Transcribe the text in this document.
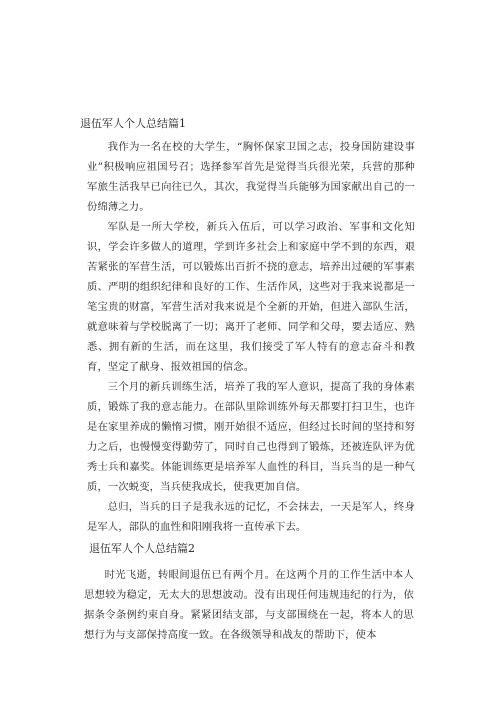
退伍军人个人总结篇1

我作为一名在校的大学生，“胸怀保家卫国之志，投身国防建设事业”积极响应祖国号召；选择参军首先是觉得当兵很光荣，兵营的那种军旅生活我早已向往已久，其次，我觉得当兵能够为国家献出自己的一份绵薄之力。

军队是一所大学校，新兵入伍后，可以学习政治、军事和文化知识，学会许多做人的道理，学到许多社会上和家庭中学不到的东西，艰苦紧张的军营生活，可以锻炼出百折不挠的意志，培养出过硬的军事素质、严明的组织纪律和良好的工作、生活作风，这些对于我来说都是一笔宝贵的财富，军营生活对我来说是个全新的开始，但进入部队生活，就意味着与学校脱离了一切；离开了老师、同学和父母，要去适应、熟悉、拥有新的生活，而在这里，我们接受了军人特有的意志奋斗和教育，坚定了献身、报效祖国的信念。

三个月的新兵训练生活，培养了我的军人意识，提高了我的身体素质，锻炼了我的意志能力。在部队里除训练外每天都要打扫卫生，也许是在家里养成的懒惰习惯，刚开始很不适应，但经过长时间的坚持和努力之后，也慢慢变得勤劳了，同时自己也得到了锻炼，还被连队评为优秀士兵和嘉奖。体能训练更是培养军人血性的科目，当兵当的是一种气质，一次蜕变，当兵使我成长，使我更加自信。

总归，当兵的日子是我永远的记忆，不会抹去，一天是军人，终身是军人，部队的血性和阳刚我将一直传承下去。

退伍军人个人总结篇2

时光飞逝，转眼间退伍已有两个月。在这两个月的工作生活中本人思想较为稳定，无太大的思想波动。没有出现任何违规违纪的行为，依据条令条例约束自身。紧紧团结支部，与支部围绕在一起，将本人的思想行为与支部保持高度一致。在各级领导和战友的帮助下，使本
